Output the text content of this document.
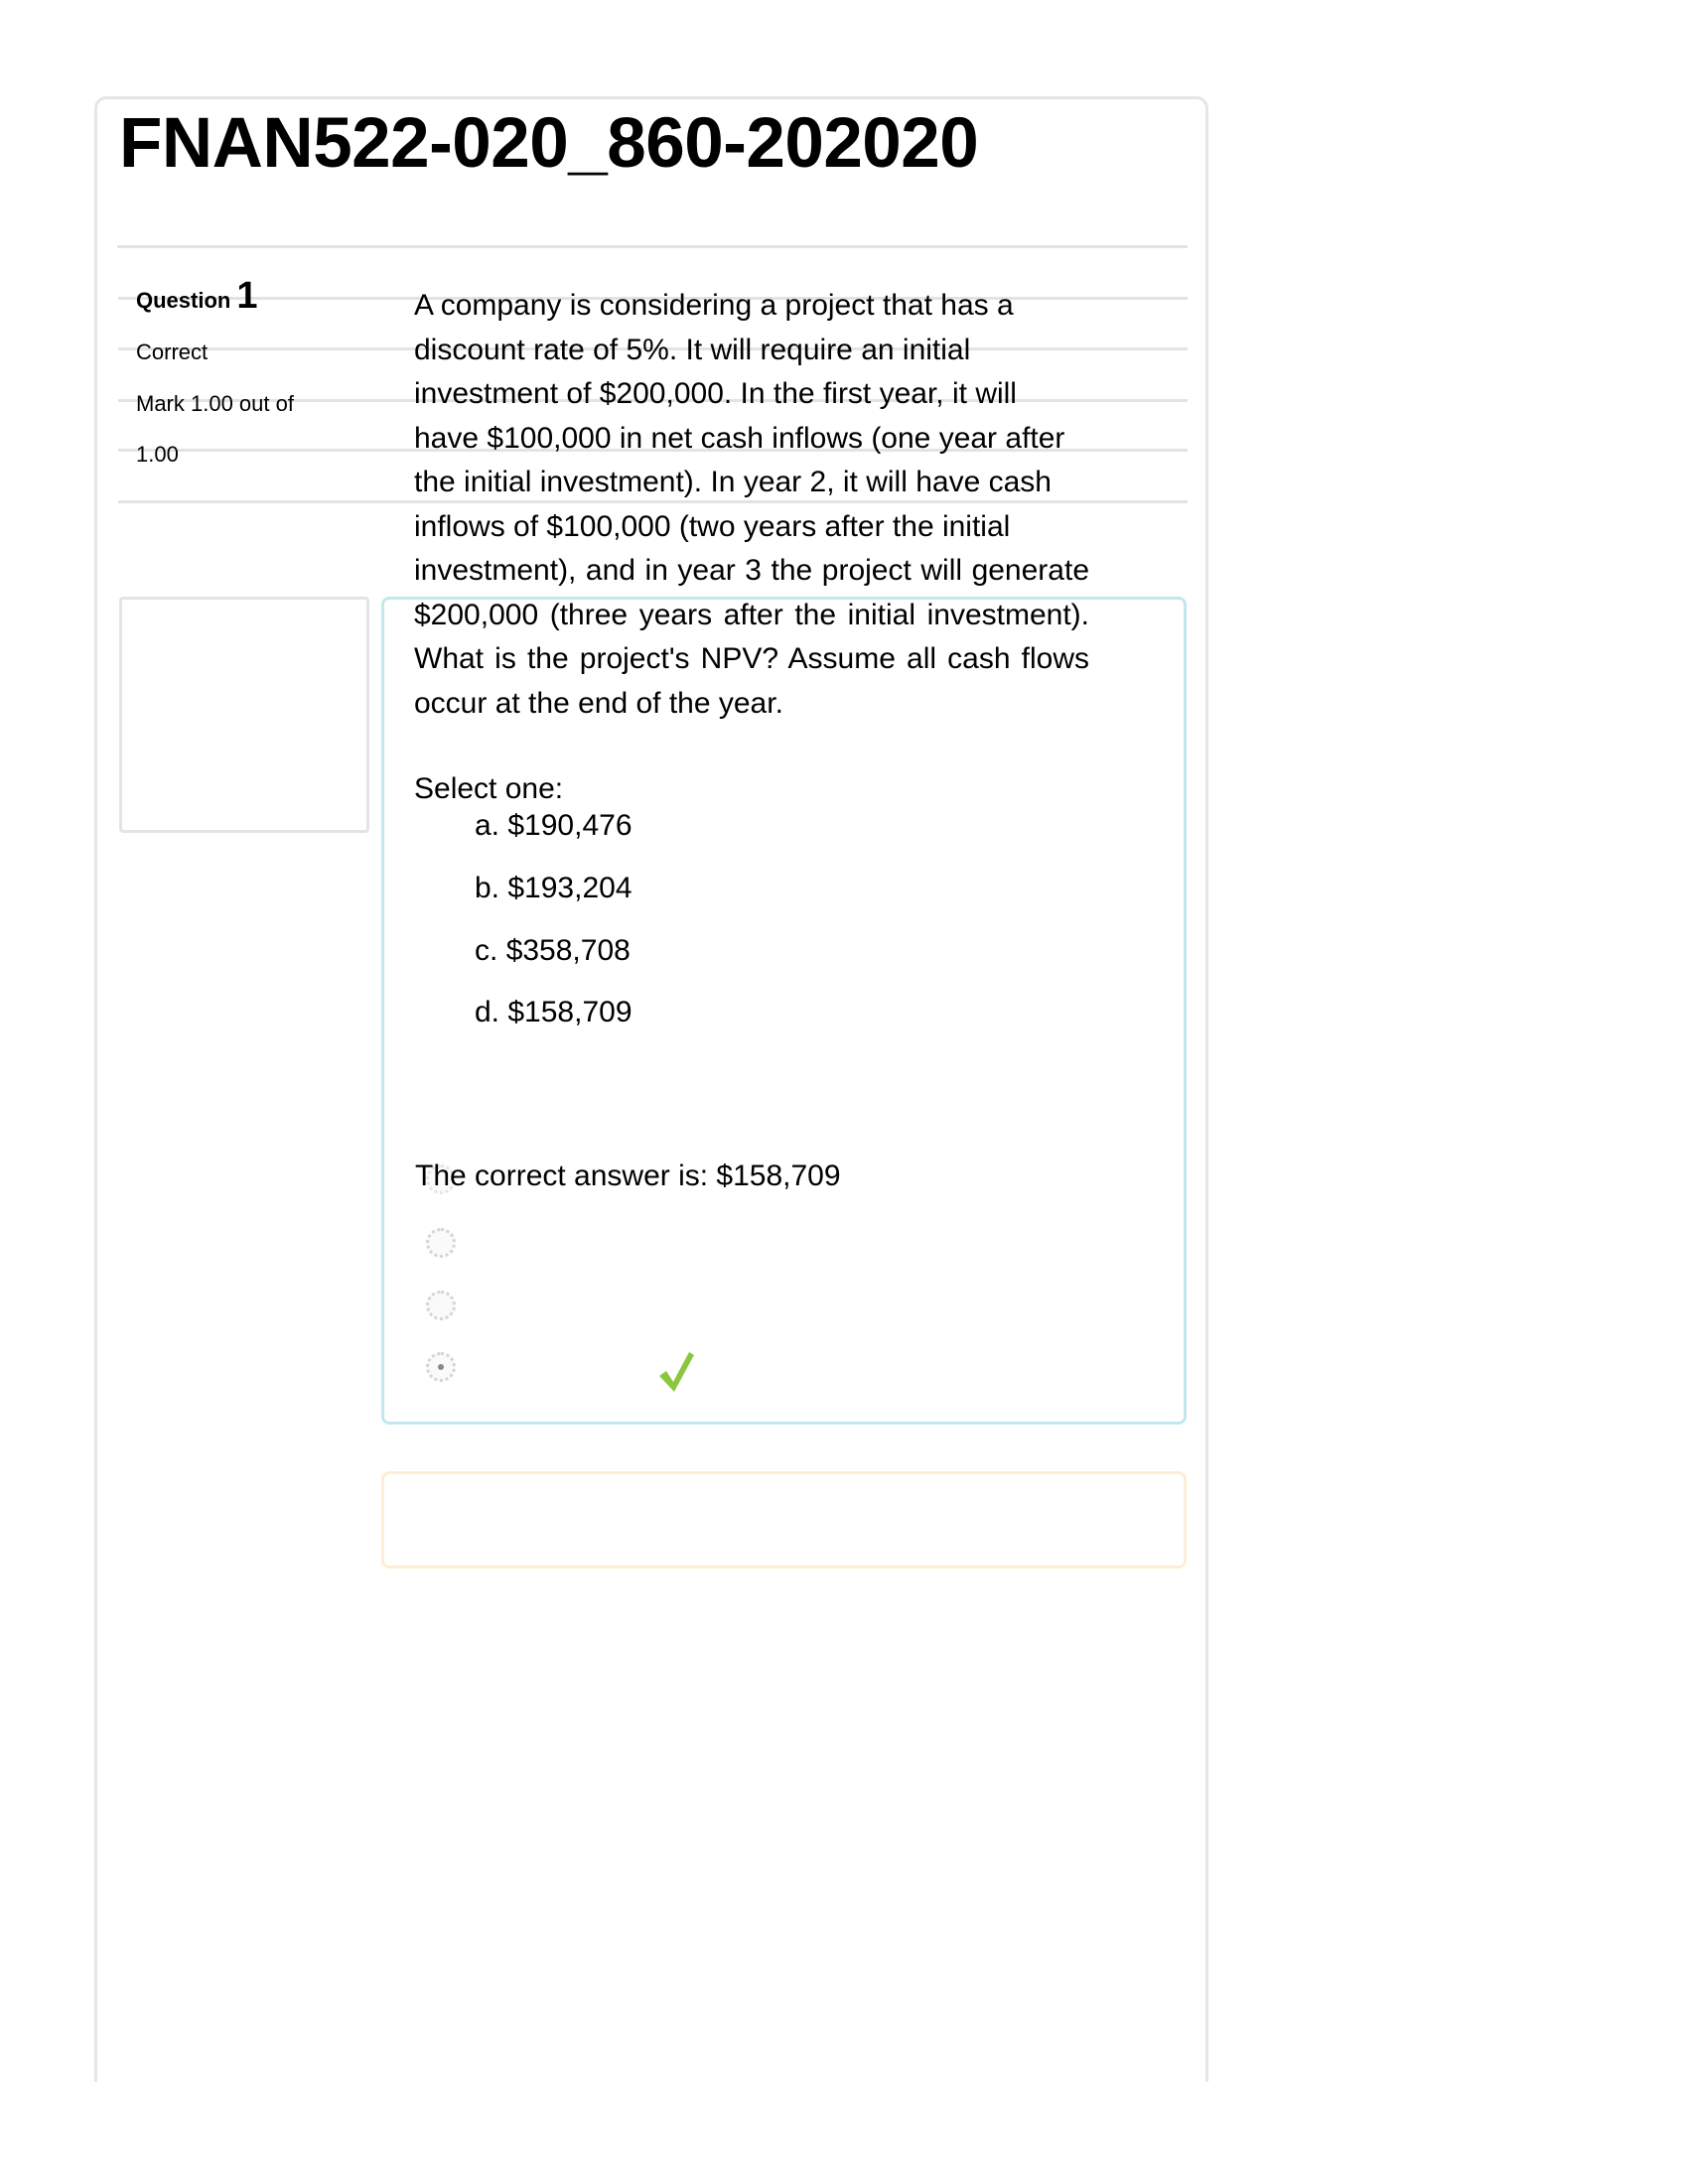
FNAN522-020_860-202020
Question 1
Correct
Mark 1.00 out of
1.00
A company is considering a project that has a
discount rate of 5%. It will require an initial
investment of $200,000. In the first year, it will
have $100,000 in net cash inflows (one year after
the initial investment). In year 2, it will have cash
inflows of $100,000 (two years after the initial
investment), and in year 3 the project will generate
$200,000 (three years after the initial investment).
What is the project's NPV? Assume all cash flows
occur at the end of the year.
Select one:
a. $190,476
b. $193,204
c. $358,708
d. $158,709
The correct answer is: $158,709
